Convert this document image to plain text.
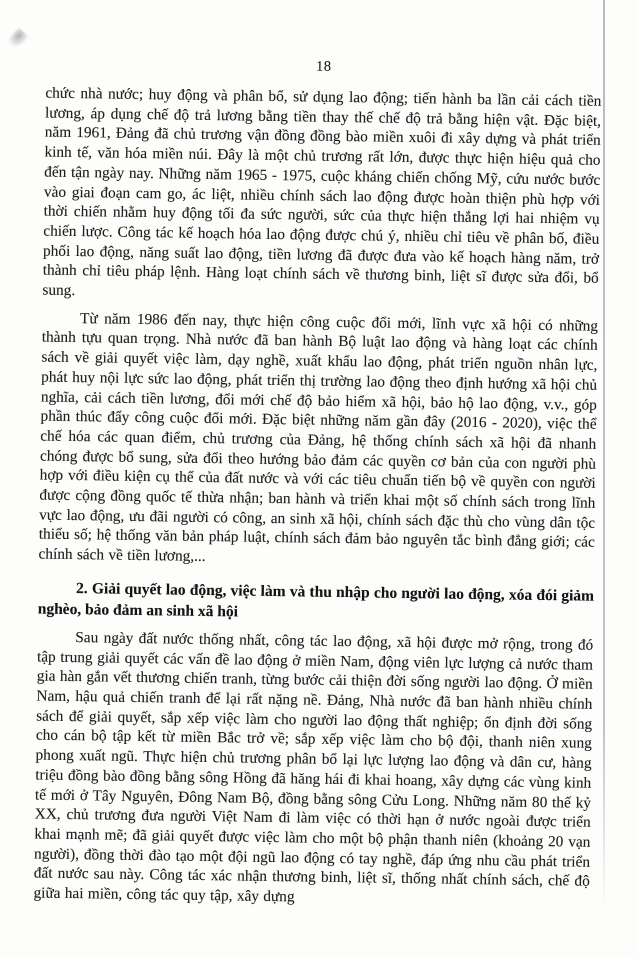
18

chức nhà nước; huy động và phân bổ, sử dụng lao động; tiến hành ba lần cải cách tiền lương, áp dụng chế độ trả lương bằng tiền thay thế chế độ trả bằng hiện vật. Đặc biệt, năm 1961, Đảng đã chủ trương vận đồng đồng bào miền xuôi đi xây dựng và phát triển kinh tế, văn hóa miền núi. Đây là một chủ trương rất lớn, được thực hiện hiệu quả cho đến tận ngày nay. Những năm 1965 - 1975, cuộc kháng chiến chống Mỹ, cứu nước bước vào giai đoạn cam go, ác liệt, nhiều chính sách lao động được hoàn thiện phù hợp với thời chiến nhằm huy động tối đa sức người, sức của thực hiện thắng lợi hai nhiệm vụ chiến lược. Công tác kế hoạch hóa lao động được chú ý, nhiều chỉ tiêu về phân bố, điều phối lao động, năng suất lao động, tiền lương đã được đưa vào kế hoạch hàng năm, trở thành chỉ tiêu pháp lệnh. Hàng loạt chính sách về thương binh, liệt sĩ được sửa đổi, bổ sung.

Từ năm 1986 đến nay, thực hiện công cuộc đổi mới, lĩnh vực xã hội có những thành tựu quan trọng. Nhà nước đã ban hành Bộ luật lao động và hàng loạt các chính sách về giải quyết việc làm, dạy nghề, xuất khẩu lao động, phát triển nguồn nhân lực, phát huy nội lực sức lao động, phát triển thị trường lao động theo định hướng xã hội chủ nghĩa, cải cách tiền lương, đổi mới chế độ bảo hiểm xã hội, bảo hộ lao động, v.v., góp phần thúc đẩy công cuộc đổi mới. Đặc biệt những năm gần đây (2016 - 2020), việc thể chế hóa các quan điểm, chủ trương của Đảng, hệ thống chính sách xã hội đã nhanh chóng được bổ sung, sửa đổi theo hướng bảo đảm các quyền cơ bản của con người phù hợp với điều kiện cụ thể của đất nước và với các tiêu chuẩn tiến bộ về quyền con người được cộng đồng quốc tế thừa nhận; ban hành và triển khai một số chính sách trong lĩnh vực lao động, ưu đãi người có công, an sinh xã hội, chính sách đặc thù cho vùng dân tộc thiểu số; hệ thống văn bản pháp luật, chính sách đảm bảo nguyên tắc bình đẳng giới; các chính sách về tiền lương,...

2. Giải quyết lao động, việc làm và thu nhập cho người lao động, xóa đói giảm nghèo, bảo đảm an sinh xã hội

Sau ngày đất nước thống nhất, công tác lao động, xã hội được mở rộng, trong đó tập trung giải quyết các vấn đề lao động ở miền Nam, động viên lực lượng cả nước tham gia hàn gắn vết thương chiến tranh, từng bước cải thiện đời sống người lao động. Ở miền Nam, hậu quả chiến tranh để lại rất nặng nề. Đảng, Nhà nước đã ban hành nhiều chính sách để giải quyết, sắp xếp việc làm cho người lao động thất nghiệp; ổn định đời sống cho cán bộ tập kết từ miền Bắc trở về; sắp xếp việc làm cho bộ đội, thanh niên xung phong xuất ngũ. Thực hiện chủ trương phân bổ lại lực lượng lao động và dân cư, hàng triệu đồng bào đồng bằng sông Hồng đã hăng hái đi khai hoang, xây dựng các vùng kinh tế mới ở Tây Nguyên, Đông Nam Bộ, đồng bằng sông Cửu Long. Những năm 80 thế kỷ XX, chủ trương đưa người Việt Nam đi làm việc có thời hạn ở nước ngoài được triển khai mạnh mẽ; đã giải quyết được việc làm cho một bộ phận thanh niên (khoảng 20 vạn người), đồng thời đào tạo một đội ngũ lao động có tay nghề, đáp ứng nhu cầu phát triển đất nước sau này. Công tác xác nhận thương binh, liệt sĩ, thống nhất chính sách, chế độ giữa hai miền, công tác quy tập, xây dựng
